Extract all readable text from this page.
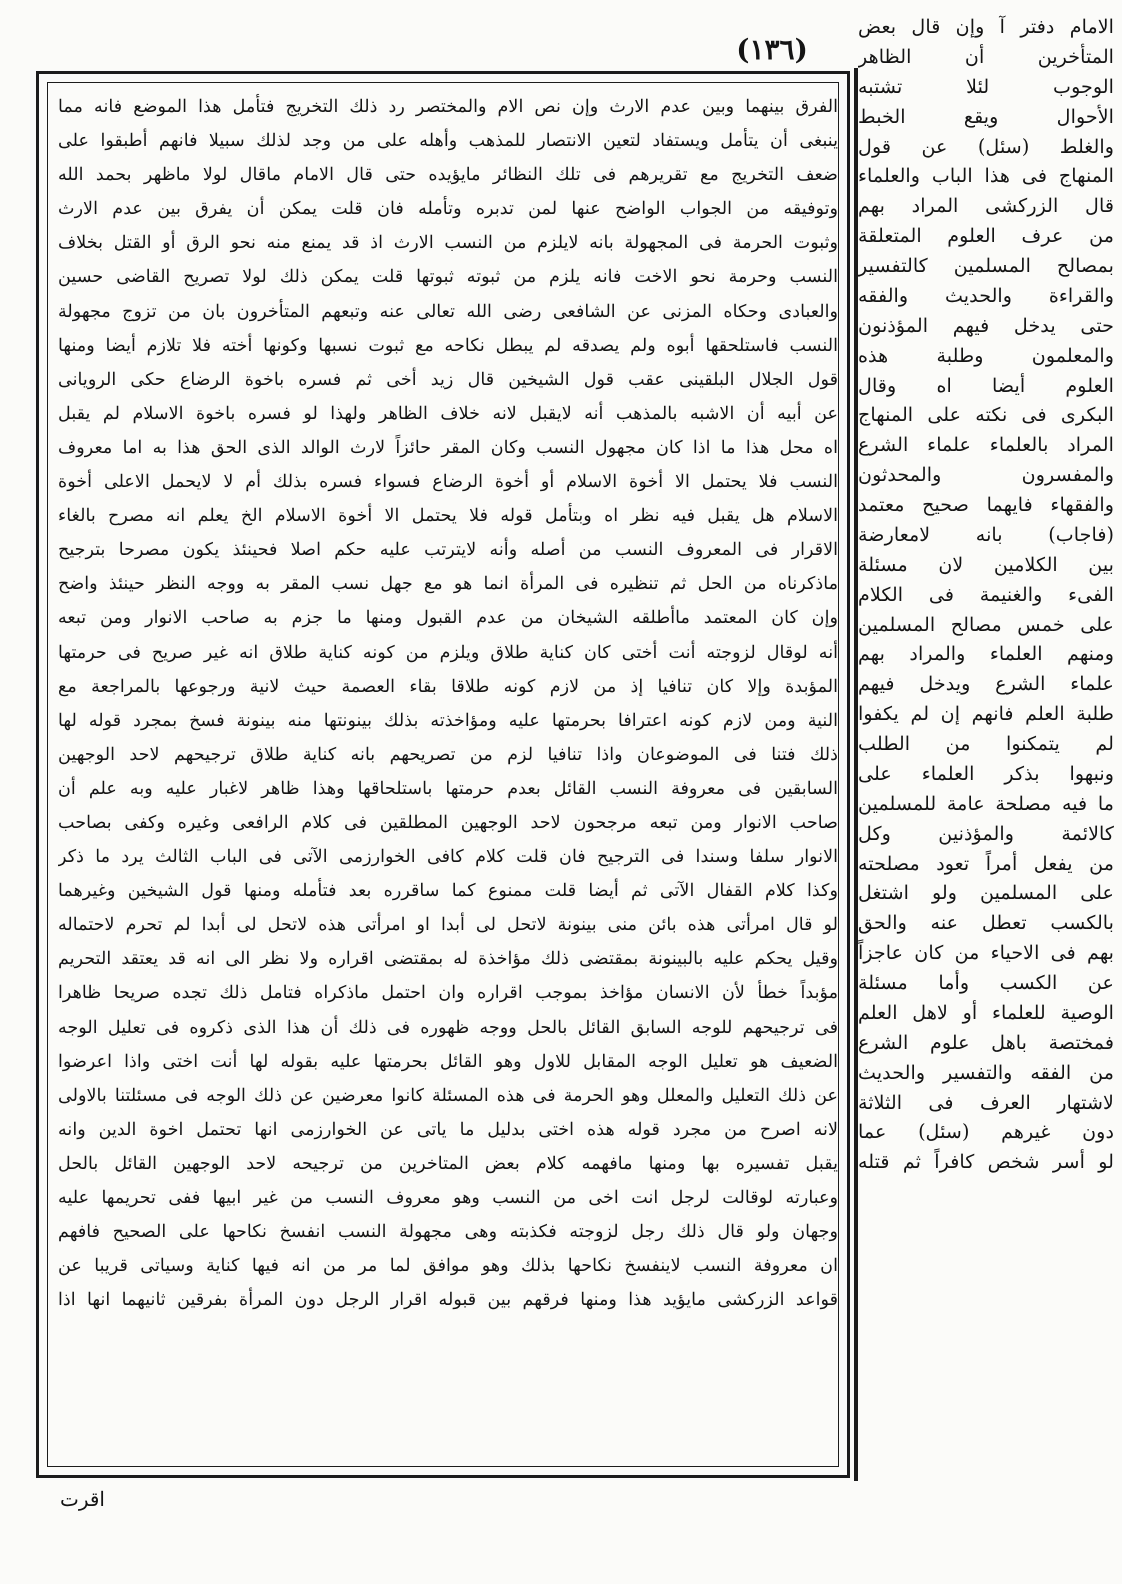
(١٣٦)
الفرق بينهما وبين عدم الارث وإن نص الام والمختصر رد ذلك التخريج فتأمل هذا الموضع فانه مما
ينبغى أن يتأمل ويستفاد لتعين الانتصار للمذهب وأهله على من وجد لذلك سبيلا فانهم أطبقوا على
ضعف التخريج مع تقريرهم فى تلك النظائر مايؤيده حتى قال الامام ماقال لولا ماظهر بحمد الله
وتوفيقه من الجواب الواضح عنها لمن تدبره وتأمله فان قلت يمكن أن يفرق بين عدم الارث
وثبوت الحرمة فى المجهولة بانه لايلزم من النسب الارث اذ قد يمنع منه نحو الرق أو القتل بخلاف
النسب وحرمة نحو الاخت فانه يلزم من ثبوته ثبوتها قلت يمكن ذلك لولا تصريح القاضى حسين
والعبادى وحكاه المزنى عن الشافعى رضى الله تعالى عنه وتبعهم المتأخرون بان من تزوج مجهولة
النسب فاستلحقها أبوه ولم يصدقه لم يبطل نكاحه مع ثبوت نسبها وكونها أخته فلا تلازم أيضا ومنها
قول الجلال البلقينى عقب قول الشيخين قال زيد أخى ثم فسره باخوة الرضاع حكى الرويانى
عن أبيه أن الاشبه بالمذهب أنه لايقبل لانه خلاف الظاهر ولهذا لو فسره باخوة الاسلام لم يقبل
اه محل هذا ما اذا كان مجهول النسب وكان المقر حائزاً لارث الوالد الذى الحق هذا به اما معروف
النسب فلا يحتمل الا أخوة الاسلام أو أخوة الرضاع فسواء فسره بذلك أم لا لايحمل الاعلى أخوة
الاسلام هل يقبل فيه نظر اه وبتأمل قوله فلا يحتمل الا أخوة الاسلام الخ يعلم انه مصرح بالغاء
الاقرار فى المعروف النسب من أصله وأنه لايترتب عليه حكم اصلا فحينئذ يكون مصرحا بترجيح
ماذكرناه من الحل ثم تنظيره فى المرأة انما هو مع جهل نسب المقر به ووجه النظر حينئذ واضح
وإن كان المعتمد ماأطلقه الشيخان من عدم القبول ومنها ما جزم به صاحب الانوار ومن تبعه
أنه لوقال لزوجته أنت أختى كان كناية طلاق ويلزم من كونه كناية طلاق انه غير صريح فى حرمتها
المؤبدة وإلا كان تنافيا إذ من لازم كونه طلاقا بقاء العصمة حيث لانية ورجوعها بالمراجعة مع
النية ومن لازم كونه اعترافا بحرمتها عليه ومؤاخذته بذلك بينونتها منه بينونة فسخ بمجرد قوله لها
ذلك فتنا فى الموضوعان واذا تنافيا لزم من تصريحهم بانه كناية طلاق ترجيحهم لاحد الوجهين
السابقين فى معروفة النسب القائل بعدم حرمتها باستلحاقها وهذا ظاهر لاغبار عليه وبه علم أن
صاحب الانوار ومن تبعه مرجحون لاحد الوجهين المطلقين فى كلام الرافعى وغيره وكفى بصاحب
الانوار سلفا وسندا فى الترجيح فان قلت كلام كافى الخوارزمى الآتى فى الباب الثالث يرد ما ذكر
وكذا كلام القفال الآتى ثم أيضا قلت ممنوع كما ساقرره بعد فتأمله ومنها قول الشيخين وغيرهما
لو قال امرأتى هذه بائن منى بينونة لاتحل لى أبدا او امرأتى هذه لاتحل لى أبدا لم تحرم لاحتماله
وقيل يحكم عليه بالبينونة بمقتضى ذلك مؤاخذة له بمقتضى اقراره ولا نظر الى انه قد يعتقد التحريم
مؤبداً خطأ لأن الانسان مؤاخذ بموجب اقراره وان احتمل ماذكراه فتامل ذلك تجده صريحا ظاهرا
فى ترجيحهم للوجه السابق القائل بالحل ووجه ظهوره فى ذلك أن هذا الذى ذكروه فى تعليل الوجه
الضعيف هو تعليل الوجه المقابل للاول وهو القائل بحرمتها عليه بقوله لها أنت اختى واذا اعرضوا
عن ذلك التعليل والمعلل وهو الحرمة فى هذه المسئلة كانوا معرضين عن ذلك الوجه فى مسئلتنا بالاولى
لانه اصرح من مجرد قوله هذه اختى بدليل ما ياتى عن الخوارزمى انها تحتمل اخوة الدين وانه
يقبل تفسيره بها ومنها مافهمه كلام بعض المتاخرين من ترجيحه لاحد الوجهين القائل بالحل
وعبارته لوقالت لرجل انت اخى من النسب وهو معروف النسب من غير ابيها ففى تحريمها عليه
وجهان ولو قال ذلك رجل لزوجته فكذبته وهى مجهولة النسب انفسخ نكاحها على الصحيح فافهم
ان معروفة النسب لاينفسخ نكاحها بذلك وهو موافق لما مر من انه فيها كناية وسياتى قريبا عن
قواعد الزركشى مايؤيد هذا ومنها فرقهم بين قبوله اقرار الرجل دون المرأة بفرقين ثانيهما انها اذا
الامام دفتر آ وإن قال بعض
المتأخرين أن الظاهر
الوجوب لئلا تشتبه
الأحوال ويقع الخبط
والغلط (سئل) عن قول
المنهاج فى هذا الباب والعلماء
قال الزركشى المراد بهم
من عرف العلوم المتعلقة
بمصالح المسلمين كالتفسير
والقراءة والحديث والفقه
حتى يدخل فيهم المؤذنون
والمعلمون وطلبة هذه
العلوم أيضا اه وقال
البكرى فى نكته على المنهاج
المراد بالعلماء علماء الشرع
والمفسرون والمحدثون
والفقهاء فايهما صحيح معتمد
(فاجاب) بانه لامعارضة
بين الكلامين لان مسئلة
الفىء والغنيمة فى الكلام
على خمس مصالح المسلمين
ومنهم العلماء والمراد بهم
علماء الشرع ويدخل فيهم
طلبة العلم فانهم إن لم يكفوا
لم يتمكنوا من الطلب
ونبهوا بذكر العلماء على
ما فيه مصلحة عامة للمسلمين
كالائمة والمؤذنين وكل
من يفعل أمراً تعود مصلحته
على المسلمين ولو اشتغل
بالكسب تعطل عنه والحق
بهم فى الاحياء من كان عاجزاً
عن الكسب وأما مسئلة
الوصية للعلماء أو لاهل العلم
فمختصة باهل علوم الشرع
من الفقه والتفسير والحديث
لاشتهار العرف فى الثلاثة
دون غيرهم (سئل) عما
لو أسر شخص كافراً ثم قتله
اقرت
